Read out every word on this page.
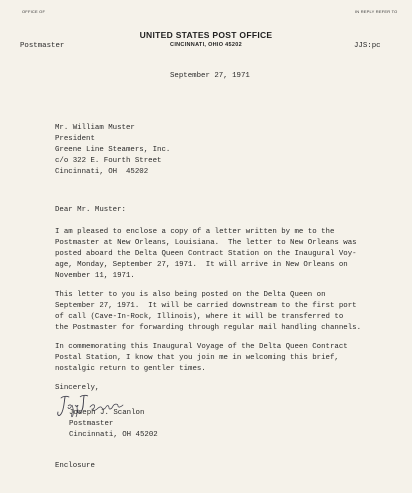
OFFICE OF	IN REPLY REFER TO
UNITED STATES POST OFFICE
CINCINNATI, OHIO 45202
Postmaster	JJS:pc
September 27, 1971
Mr. William Muster
President
Greene Line Steamers, Inc.
c/o 322 E. Fourth Street
Cincinnati, OH  45202
Dear Mr. Muster:
I am pleased to enclose a copy of a letter written by me to the
Postmaster at New Orleans, Louisiana.  The letter to New Orleans was
posted aboard the Delta Queen Contract Station on the Inaugural Voy-
age, Monday, September 27, 1971.  It will arrive in New Orleans on
November 11, 1971.
This letter to you is also being posted on the Delta Queen on
September 27, 1971.  It will be carried downstream to the first port
of call (Cave-In-Rock, Illinois), where it will be transferred to
the Postmaster for forwarding through regular mail handling channels.
In commemorating this Inaugural Voyage of the Delta Queen Contract
Postal Station, I know that you join me in welcoming this brief,
nostalgic return to gentler times.
Sincerely,
Joseph J. Scanlon
Postmaster
Cincinnati, OH 45202
Enclosure
